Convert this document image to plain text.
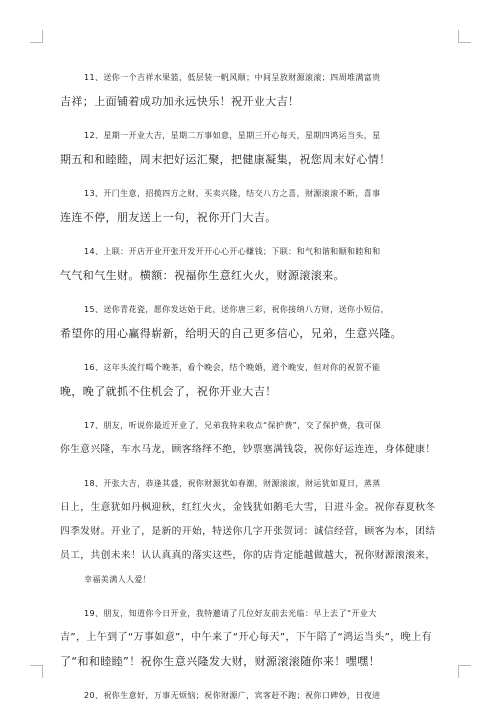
11、送你一个吉祥水果篮，低层装一帆风顺；中间呈放财源滚滚；四周堆满富贵
吉祥；上面铺着成功加永远快乐！祝开业大吉！

12、星期一开业大吉，星期二万事如意，星期三开心每天，星期四鸿运当头，星
期五和和睦睦，周末把好运汇聚，把健康凝集，祝您周末好心情！

13、开门生意，招揽四方之财，买卖兴隆，结交八方之喜，财源滚滚不断，喜事
连连不停，朋友送上一句，祝你开门大吉。

14、上联：开店开业开张开发开开心心开心赚钱；下联：和气和谐和顺和睦和和
气气和气生财。横额：祝福你生意红火火，财源滚滚来。

15、送你青花瓷，愿你发达始于此，送你唐三彩，祝你接纳八方财，送你小短信，
希望你的用心赢得崭新，给明天的自己更多信心，兄弟，生意兴隆。

16、这年头流行喝个晚茶，看个晚会，结个晚婚，道个晚安，但对你的祝贺不能
晚，晚了就抓不住机会了，祝你开业大吉！

17、朋友，听说你最近开业了，兄弟我特来收点“保护费”，交了保护费，我可保
你生意兴隆，车水马龙，顾客络绎不绝，钞票塞满钱袋，祝你好运连连，身体健康！

18、开张大吉，恭逢其盛，祝你财源犹如春潮，财源滚滚，财运犹如夏日，蒸蒸
日上，生意犹如丹枫迎秋，红红火火，金钱犹如鹅毛大雪，日进斗金。祝你春夏秋冬
四季发财。开业了，是新的开始，特送你几字开张贺词：诚信经营，顾客为本，团结
员工，共创未来！认认真真的落实这些，你的店肯定能越做越大，祝你财源滚滚来，
幸福美满人人爱！

19、朋友，知道你今日开业，我特邀请了几位好友前去光临：早上去了“开业大
吉”，上午到了“万事如意”，中午来了“开心每天”，下午陪了“鸿运当头”，晚上有
了“和和睦睦”！祝你生意兴隆发大财，财源滚滚随你来！嘿嘿！

20、祝你生意好，万事无烦恼；祝你财源广，宾客赶不跑；祝你口碑妙，日夜进
